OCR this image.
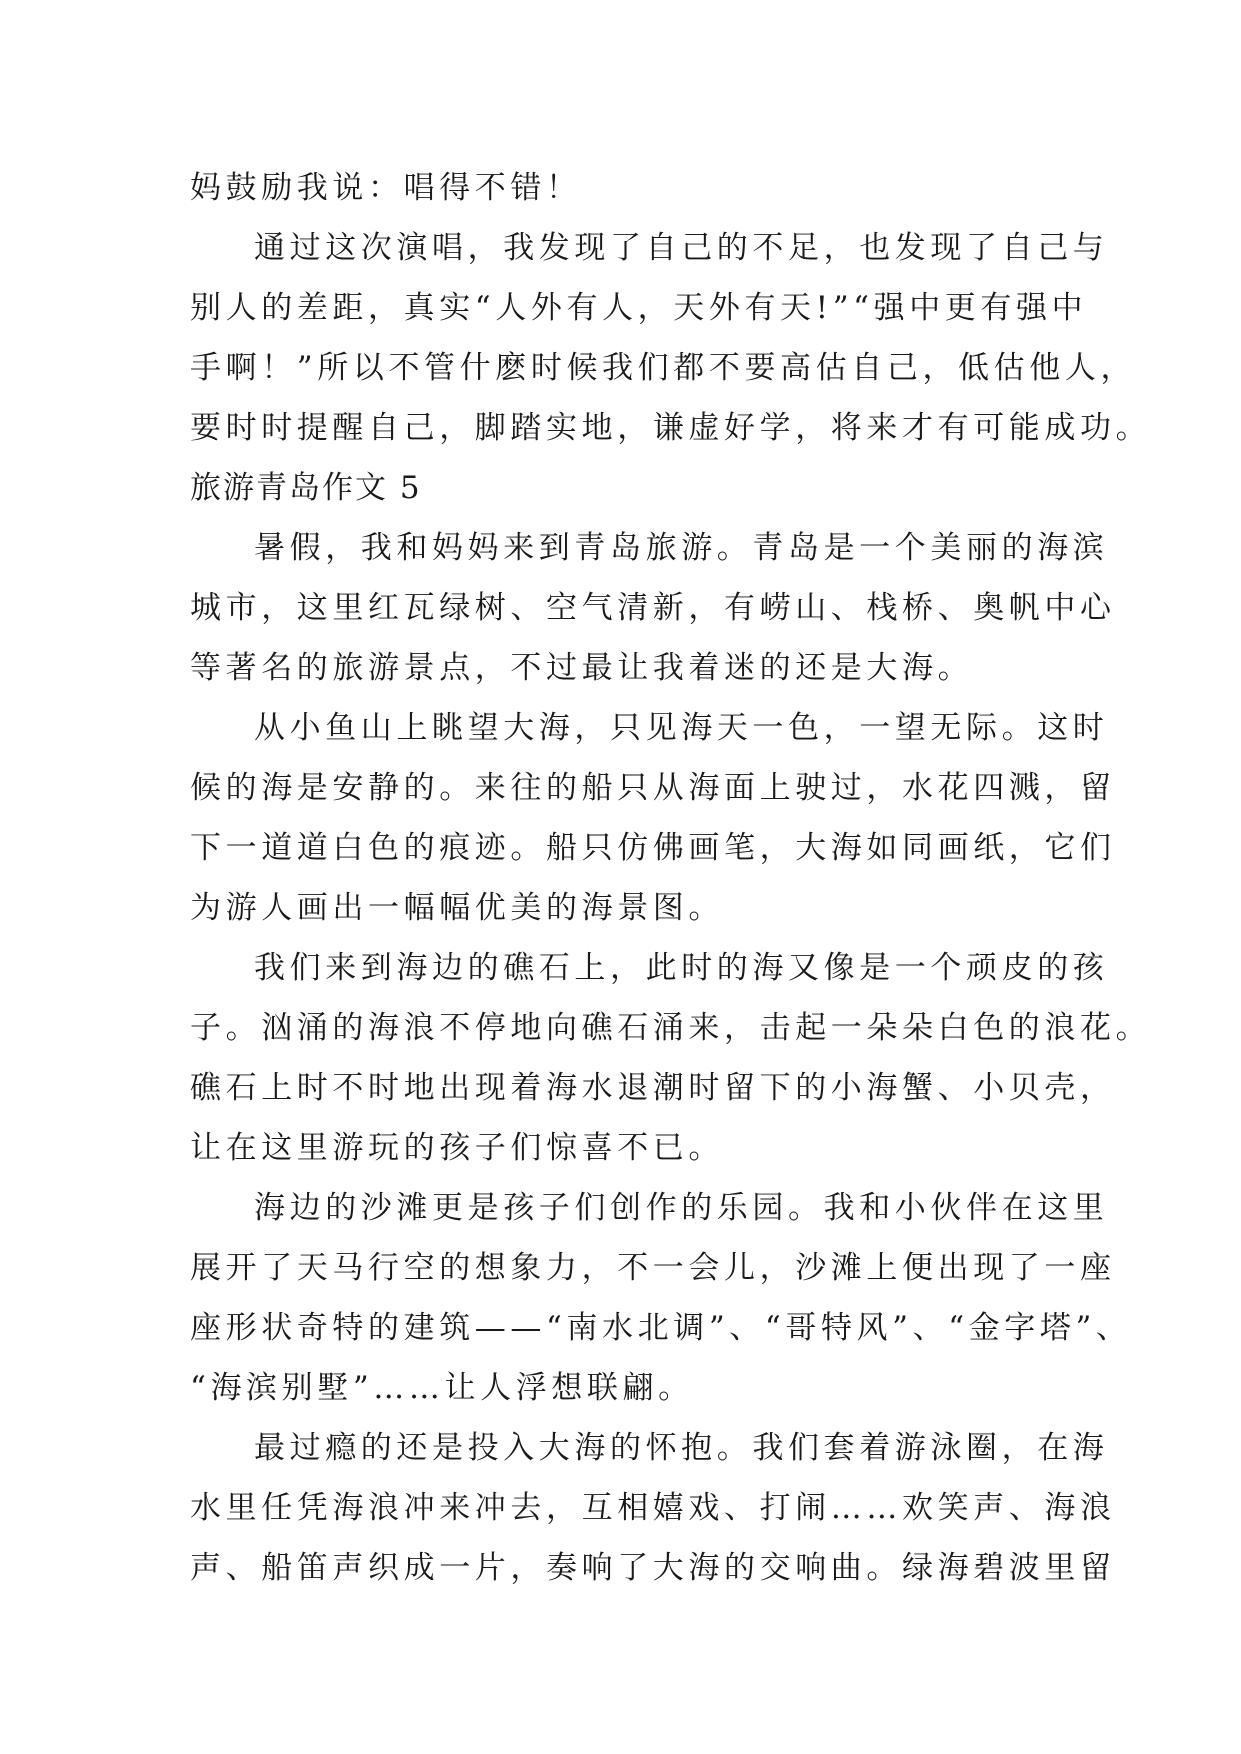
妈鼓励我说：唱得不错！
通过这次演唱，我发现了自己的不足，也发现了自己与
别人的差距，真实“人外有人，天外有天!”“强中更有强中
手啊！”所以不管什麽时候我们都不要高估自己，低估他人，
要时时提醒自己，脚踏实地，谦虚好学，将来才有可能成功。
旅游青岛作文 5
暑假，我和妈妈来到青岛旅游。青岛是一个美丽的海滨
城市，这里红瓦绿树、空气清新，有崂山、栈桥、奥帆中心
等著名的旅游景点，不过最让我着迷的还是大海。
从小鱼山上眺望大海，只见海天一色，一望无际。这时
候的海是安静的。来往的船只从海面上驶过，水花四溅，留
下一道道白色的痕迹。船只仿佛画笔，大海如同画纸，它们
为游人画出一幅幅优美的海景图。
我们来到海边的礁石上，此时的海又像是一个顽皮的孩
子。汹涌的海浪不停地向礁石涌来，击起一朵朵白色的浪花。
礁石上时不时地出现着海水退潮时留下的小海蟹、小贝壳，
让在这里游玩的孩子们惊喜不已。
海边的沙滩更是孩子们创作的乐园。我和小伙伴在这里
展开了天马行空的想象力，不一会儿，沙滩上便出现了一座
座形状奇特的建筑——“南水北调”、“哥特风”、“金字塔”、
“海滨别墅”……让人浮想联翩。
最过瘾的还是投入大海的怀抱。我们套着游泳圈，在海
水里任凭海浪冲来冲去，互相嬉戏、打闹……欢笑声、海浪
声、船笛声织成一片，奏响了大海的交响曲。绿海碧波里留
